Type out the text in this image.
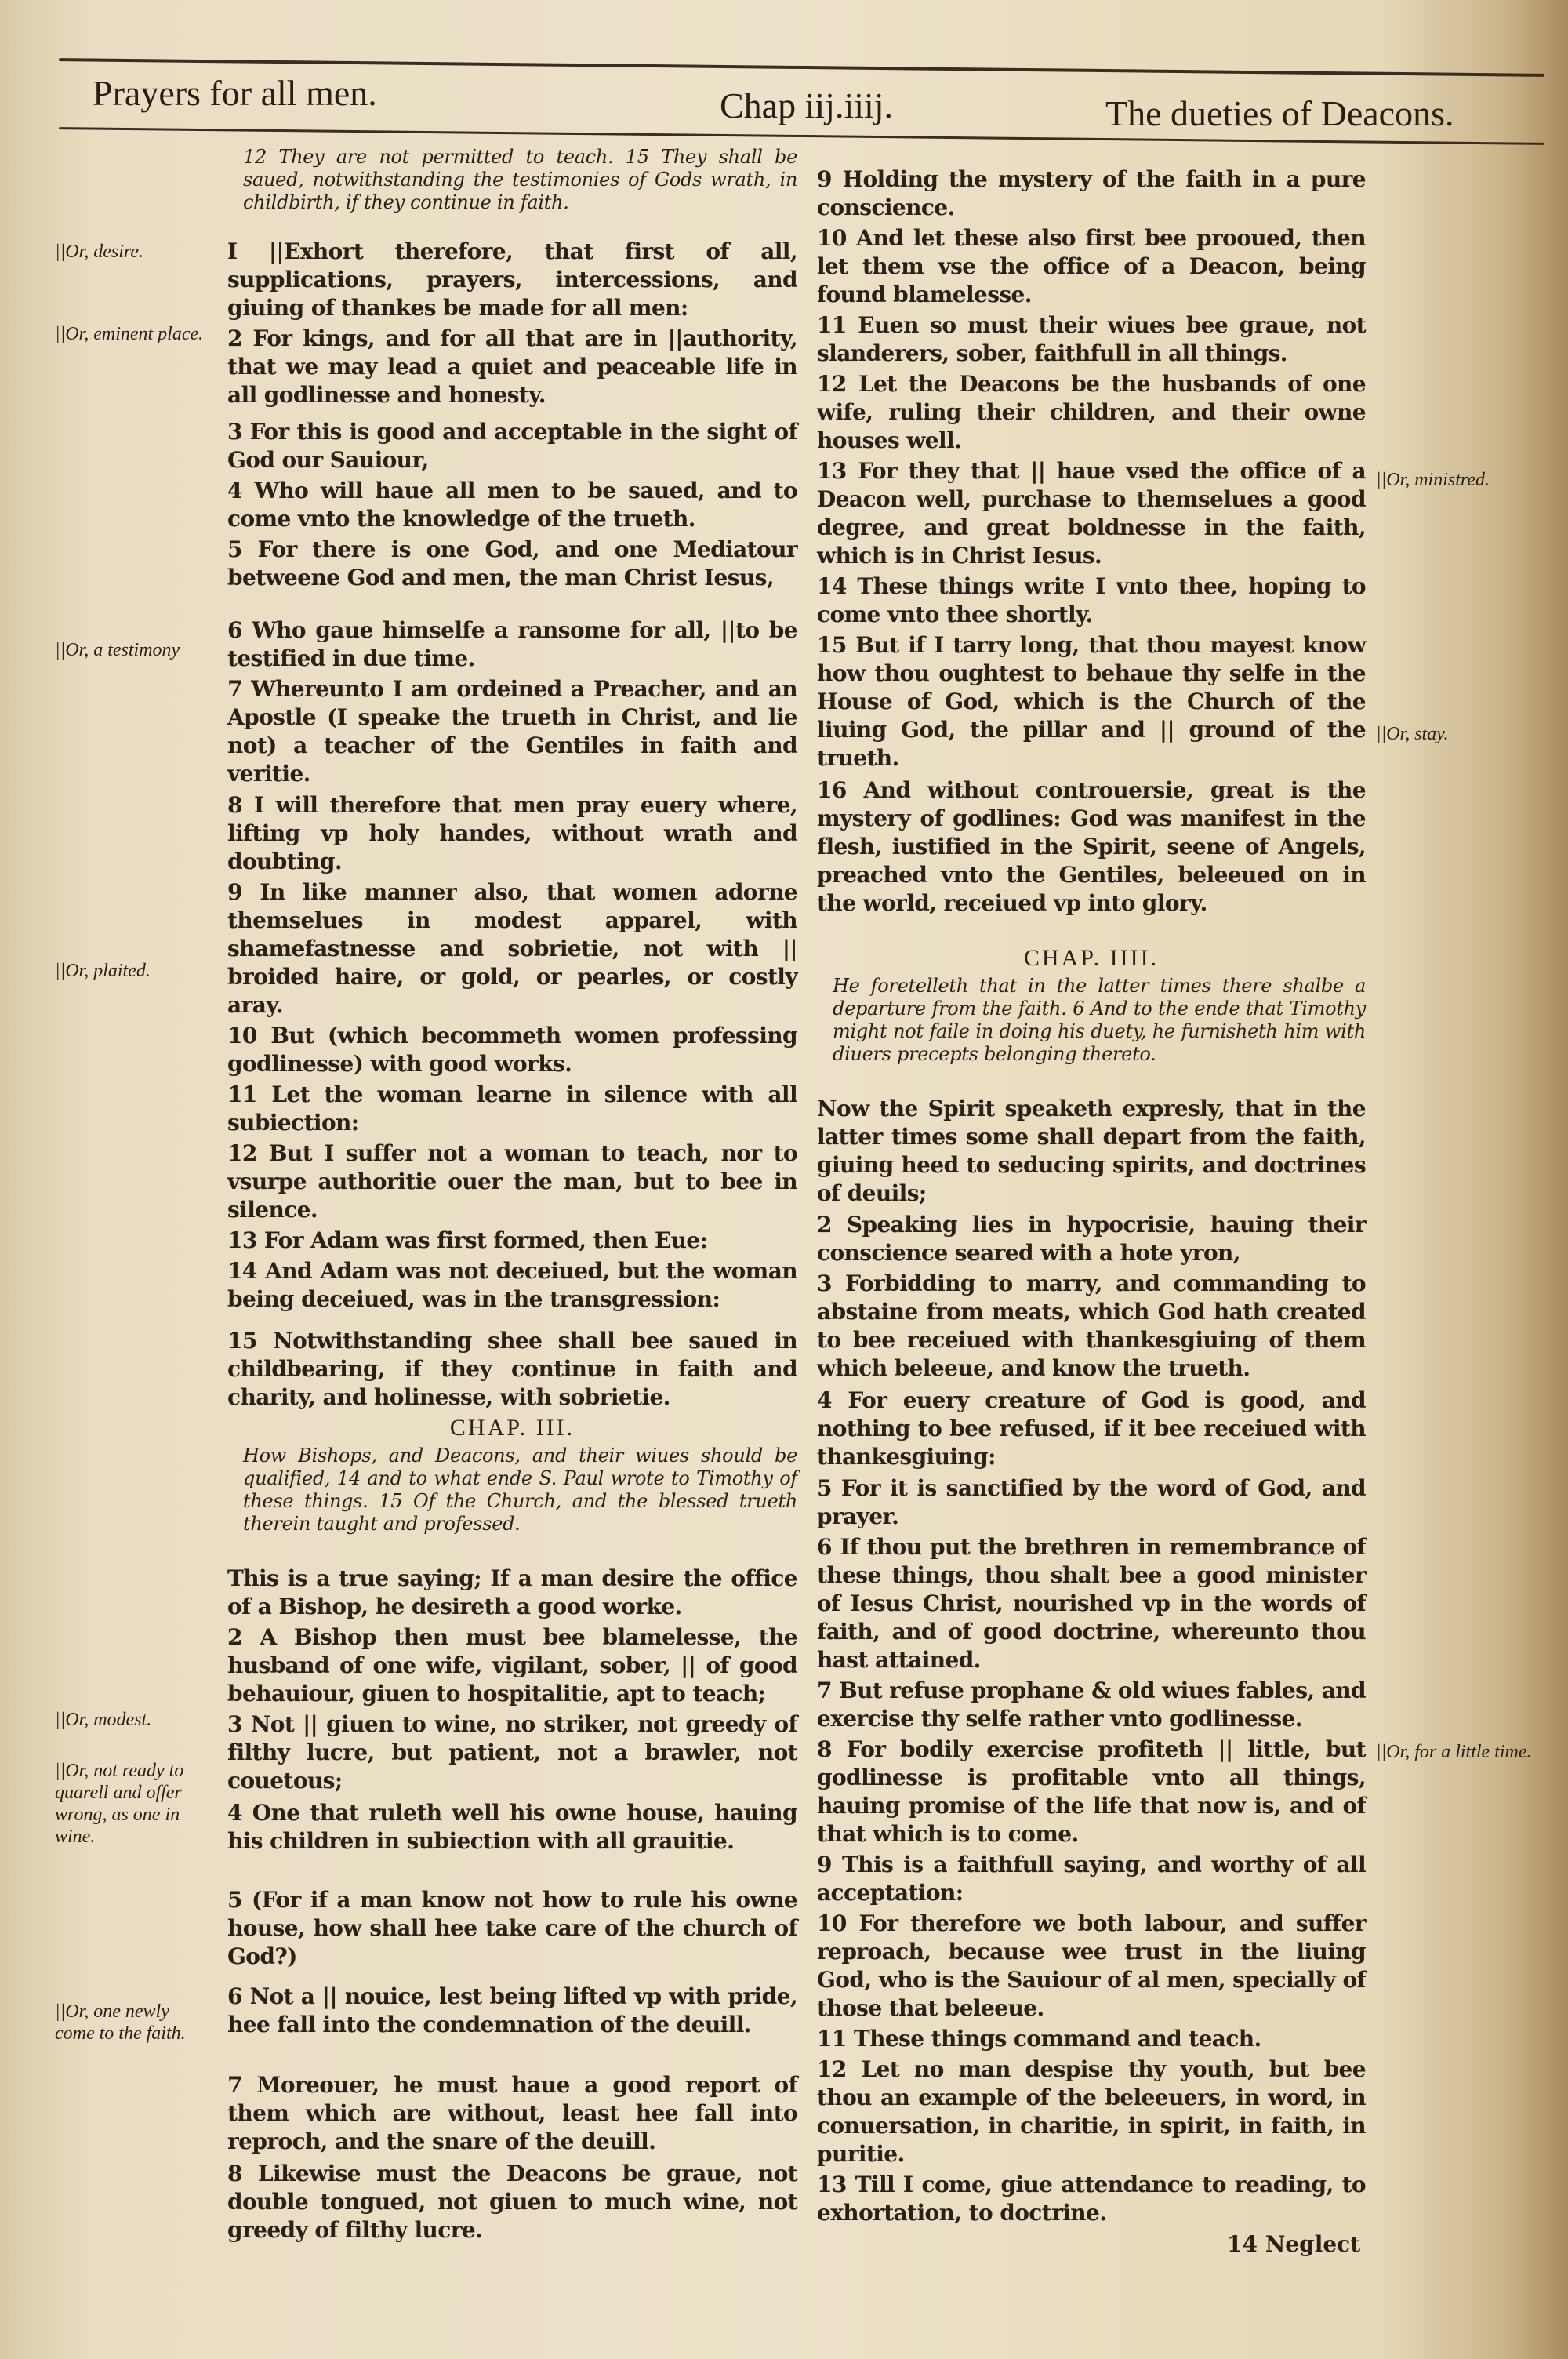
Prayers for all men.	Chap iij.iiij.	The dueties of Deacons.
12 They are not permitted to teach. 15 They shall be saued, notwithstanding the testimonies of Gods wrath, in childbirth, if they continue in faith.
I ||Exhort therefore, that first of all, supplications, prayers, intercessions, and giuing of thankes be made for all men:
2 For kings, and for all that are in ||authority, that we may lead a quiet and peaceable life in all godlinesse and honesty.
3 For this is good and acceptable in the sight of God our Sauiour,
4 Who will haue all men to be saued, and to come vnto the knowledge of the trueth.
5 For there is one God, and one Mediatour betweene God and men, the man Christ Iesus,
6 Who gaue himselfe a ransome for all, ||to be testified in due time.
7 Whereunto I am ordeined a Preacher, and an Apostle (I speake the trueth in Christ, and lie not) a teacher of the Gentiles in faith and veritie.
8 I will therefore that men pray euery where, lifting vp holy handes, without wrath and doubting.
9 In like manner also, that women adorne themselues in modest apparel, with shamefastnesse and sobrietie, not with || broided haire, or gold, or pearles, or costly aray.
10 But (which becommeth women professing godlinesse) with good works.
11 Let the woman learne in silence with all subiection:
12 But I suffer not a woman to teach, nor to vsurpe authoritie ouer the man, but to bee in silence.
13 For Adam was first formed, then Eue:
14 And Adam was not deceiued, but the woman being deceiued, was in the transgression:
15 Notwithstanding shee shall bee saued in childbearing, if they continue in faith and charity, and holinesse, with sobrietie.
CHAP. III.
How Bishops, and Deacons, and their wiues should be qualified, 14 and to what ende S. Paul wrote to Timothy of these things. 15 Of the Church, and the blessed trueth therein taught and professed.
This is a true saying; If a man desire the office of a Bishop, he desireth a good worke.
2 A Bishop then must bee blamelesse, the husband of one wife, vigilant, sober, || of good behauiour, giuen to hospitalitie, apt to teach;
3 Not || giuen to wine, no striker, not greedy of filthy lucre, but patient, not a brawler, not couetous;
4 One that ruleth well his owne house, hauing his children in subiection with all grauitie.
5 (For if a man know not how to rule his owne house, how shall hee take care of the church of God?)
6 Not a || nouice, lest being lifted vp with pride, hee fall into the condemnation of the deuill.
7 Moreouer, he must haue a good report of them which are without, least hee fall into reproch, and the snare of the deuill.
8 Likewise must the Deacons be graue, not double tongued, not giuen to much wine, not greedy of filthy lucre.
9 Holding the mystery of the faith in a pure conscience.
10 And let these also first bee prooued, then let them vse the office of a Deacon, being found blamelesse.
11 Euen so must their wiues bee graue, not slanderers, sober, faithfull in all things.
12 Let the Deacons be the husbands of one wife, ruling their children, and their owne houses well.
13 For they that || haue vsed the office of a Deacon well, purchase to themselues a good degree, and great boldnesse in the faith, which is in Christ Iesus.
14 These things write I vnto thee, hoping to come vnto thee shortly.
15 But if I tarry long, that thou mayest know how thou oughtest to behaue thy selfe in the House of God, which is the Church of the liuing God, the pillar and || ground of the trueth.
16 And without controuersie, great is the mystery of godlines: God was manifest in the flesh, iustified in the Spirit, seene of Angels, preached vnto the Gentiles, beleeued on in the world, receiued vp into glory.
CHAP. IIII.
He foretelleth that in the latter times there shalbe a departure from the faith. 6 And to the ende that Timothy might not faile in doing his duety, he furnisheth him with diuers precepts belonging thereto.
Now the Spirit speaketh expresly, that in the latter times some shall depart from the faith, giuing heed to seducing spirits, and doctrines of deuils;
2 Speaking lies in hypocrisie, hauing their conscience seared with a hote yron,
3 Forbidding to marry, and commanding to abstaine from meats, which God hath created to bee receiued with thankesgiuing of them which beleeue, and know the trueth.
4 For euery creature of God is good, and nothing to bee refused, if it bee receiued with thankesgiuing:
5 For it is sanctified by the word of God, and prayer.
6 If thou put the brethren in remembrance of these things, thou shalt bee a good minister of Iesus Christ, nourished vp in the words of faith, and of good doctrine, whereunto thou hast attained.
7 But refuse prophane & old wiues fables, and exercise thy selfe rather vnto godlinesse.
8 For bodily exercise profiteth || little, but godlinesse is profitable vnto all things, hauing promise of the life that now is, and of that which is to come.
9 This is a faithfull saying, and worthy of all acceptation:
10 For therefore we both labour, and suffer reproach, because wee trust in the liuing God, who is the Sauiour of al men, specially of those that beleeue.
11 These things command and teach.
12 Let no man despise thy youth, but bee thou an example of the beleeuers, in word, in conuersation, in charitie, in spirit, in faith, in puritie.
13 Till I come, giue attendance to reading, to exhortation, to doctrine.
||Or, desire.
||Or, eminent place.
||Or, a testimony
||Or, plaited.
||Or, modest.
||Or, not ready to quarell and offer wrong, as one in wine.
||Or, one newly come to the faith.
||Or, ministred.
||Or, stay.
||Or, for a little time.
14 Neglect
